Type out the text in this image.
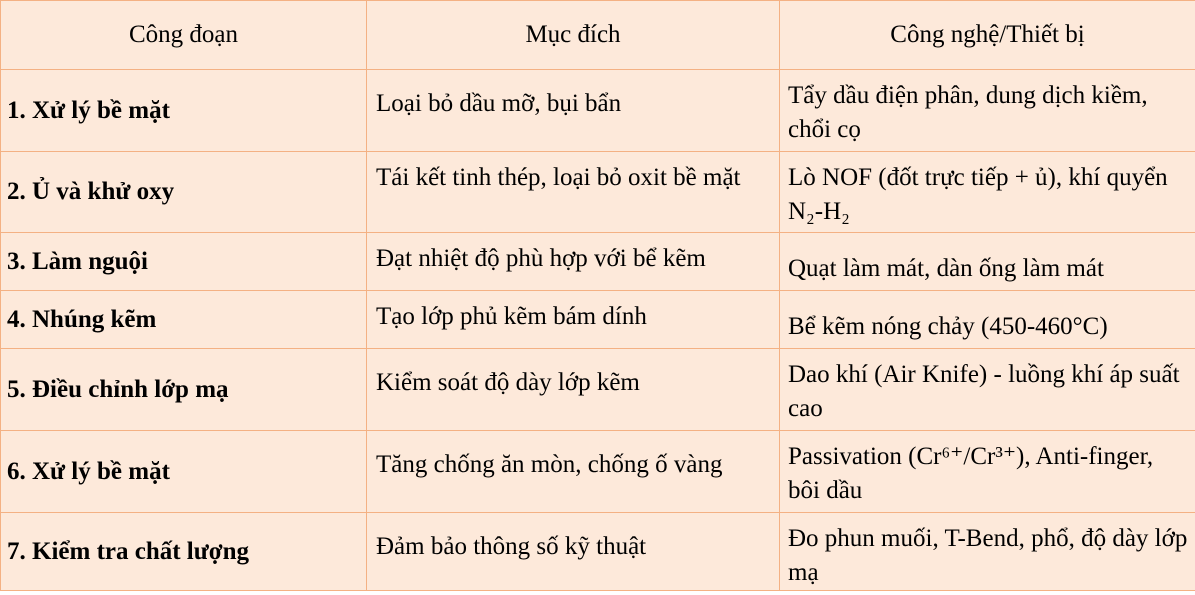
Công đoạn	Mục đích	Công nghệ/Thiết bị
1. Xử lý bề mặt	Loại bỏ dầu mỡ, bụi bẩn	Tẩy dầu điện phân, dung dịch kiềm, chổi cọ
2. Ủ và khử oxy	Tái kết tinh thép, loại bỏ oxit bề mặt	Lò NOF (đốt trực tiếp + ủ), khí quyển N₂-H₂
3. Làm nguội	Đạt nhiệt độ phù hợp với bể kẽm	Quạt làm mát, dàn ống làm mát
4. Nhúng kẽm	Tạo lớp phủ kẽm bám dính	Bể kẽm nóng chảy (450-460°C)
5. Điều chỉnh lớp mạ	Kiểm soát độ dày lớp kẽm	Dao khí (Air Knife) - luồng khí áp suất cao
6. Xử lý bề mặt	Tăng chống ăn mòn, chống ố vàng	Passivation (Cr⁶⁺/Cr³⁺), Anti-finger, bôi dầu
7. Kiểm tra chất lượng	Đảm bảo thông số kỹ thuật	Đo phun muối, T-Bend, phổ, độ dày lớp mạ
